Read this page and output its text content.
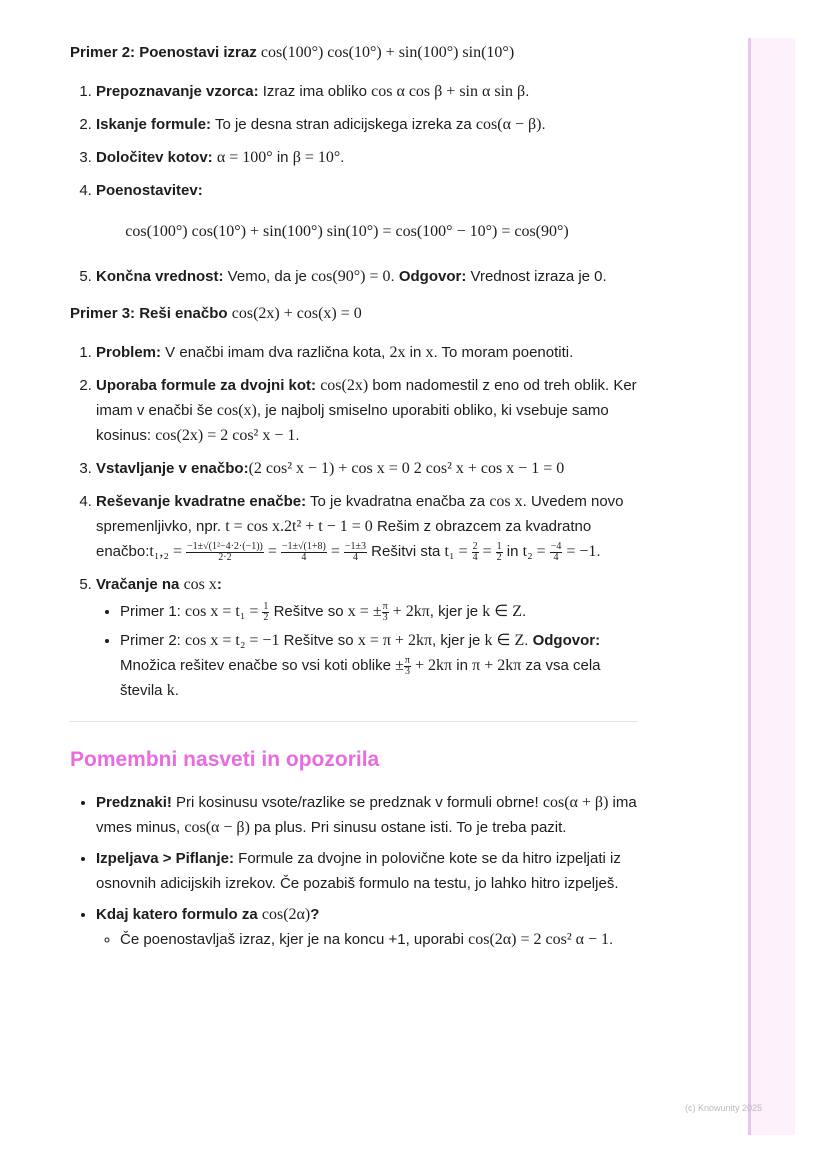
Primer 2: Poenostavi izraz cos(100°) cos(10°) + sin(100°) sin(10°)

1. Prepoznavanje vzorca: Izraz ima obliko cos α cos β + sin α sin β.
2. Iskanje formule: To je desna stran adicijskega izreka za cos(α − β).
3. Določitev kotov: α = 100° in β = 10°.
4. Poenostavitev:
cos(100°) cos(10°) + sin(100°) sin(10°) = cos(100° − 10°) = cos(90°)
5. Končna vrednost: Vemo, da je cos(90°) = 0. Odgovor: Vrednost izraza je 0.

Primer 3: Reši enačbo cos(2x) + cos(x) = 0

1. Problem: V enačbi imam dva različna kota, 2x in x. To moram poenotiti.
2. Uporaba formule za dvojni kot: cos(2x) bom nadomestil z eno od treh oblik. Ker imam v enačbi še cos(x), je najbolj smiselno uporabiti obliko, ki vsebuje samo kosinus: cos(2x) = 2 cos² x − 1.
3. Vstavljanje v enačbo:(2 cos² x − 1) + cos x = 0 2 cos² x + cos x − 1 = 0
4. Reševanje kvadratne enačbe: To je kvadratna enačba za cos x. Uvedem novo spremenljivko, npr. t = cos x.2t² + t − 1 = 0 Rešim z obrazcem za kvadratno enačbo:t₁,₂ = $\frac{\text{−1±√(1²−4·2·(−1))}}{2\cdot 2} = \frac{-1\pm√(1+8)}{4} = \frac{-1\pm 3}{4}$ Rešitvi sta $t_1 = \frac{2}{4} = \frac{1}{2}$ in $t_2 = \frac{-4}{4} = -1$.
5. Vračanje na cos x:
• Primer 1: $\cos x = t_1 = \frac{1}{2}$ Rešitve so x = ± $\frac{\pi}{3} + 2k\pi$, kjer je k ∈ Z.
• Primer 2: cos x = t₂ = −1 Rešitve so x = π + 2kπ, kjer je k ∈ Z. Odgovor: Množica rešitev enačbe so vsi koti oblike ± $\frac{\pi}{3} + 2k\pi$ in π + 2kπ za vsa cela števila k.
Pomembni nasveti in opozorila
• Predznaki! Pri kosinusu vsote/razlike se predznak v formuli obrne! cos(α + β) ima vmes minus, cos(α − β) pa plus. Pri sinusu ostane isti. To je treba pazit.
• Izpeljava > Piflanje: Formule za dvojne in polovične kote se da hitro izpeljati iz osnovnih adicijskih izrekov. Če pozabiš formulo na testu, jo lahko hitro izpelješ.
• Kdaj katero formulo za cos(2α)?
◦ Če poenostavljaš izraz, kjer je na koncu +1, uporabi cos(2α) = 2 cos² α − 1.
(c) Knowunity 2025
